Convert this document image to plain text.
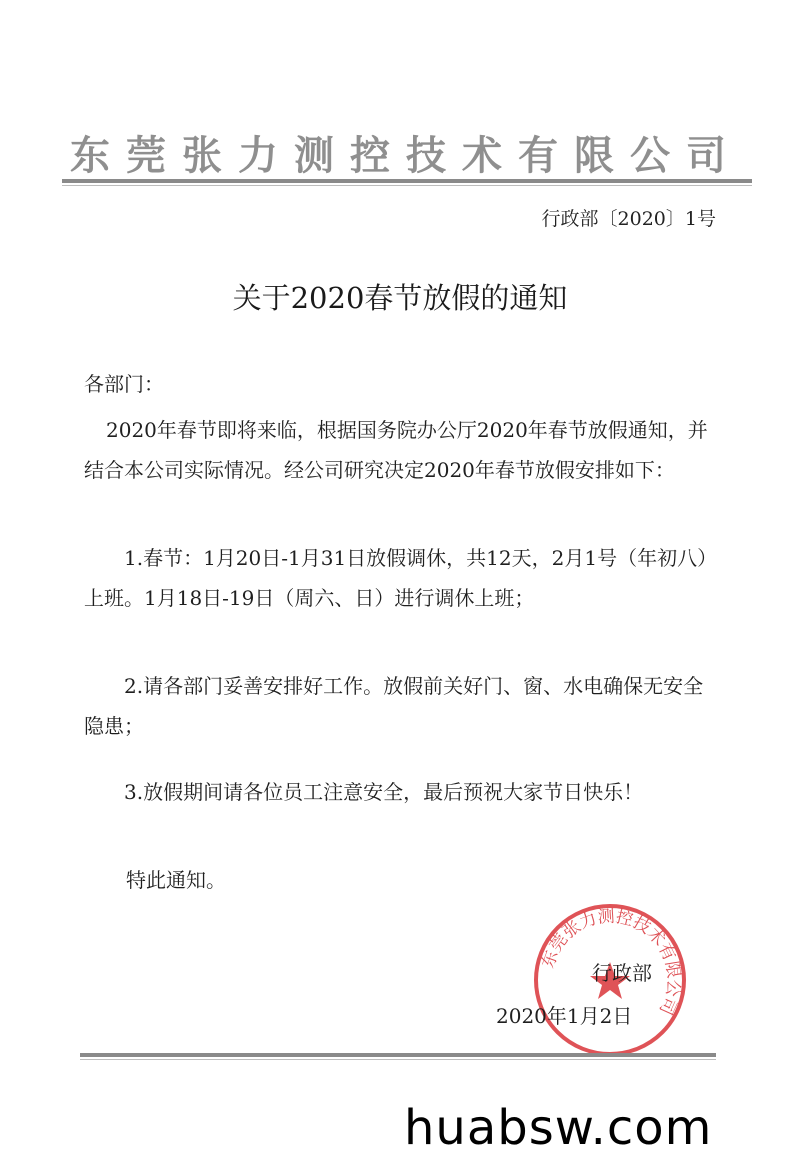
东莞张力测控技术有限公司
行政部〔2020〕1号
关于2020春节放假的通知
各部门：
2020年春节即将来临，根据国务院办公厅2020年春节放假通知，并结合本公司实际情况。经公司研究决定2020年春节放假安排如下：
1.春节：1月20日-1月31日放假调休，共12天，2月1号（年初八）上班。1月18日-19日（周六、日）进行调休上班；
2.请各部门妥善安排好工作。放假前关好门、窗、水电确保无安全隐患；
3.放假期间请各位员工注意安全，最后预祝大家节日快乐！
特此通知。
东莞张力测控技术有限公司
行政部
2020年1月2日
huabsw.com
